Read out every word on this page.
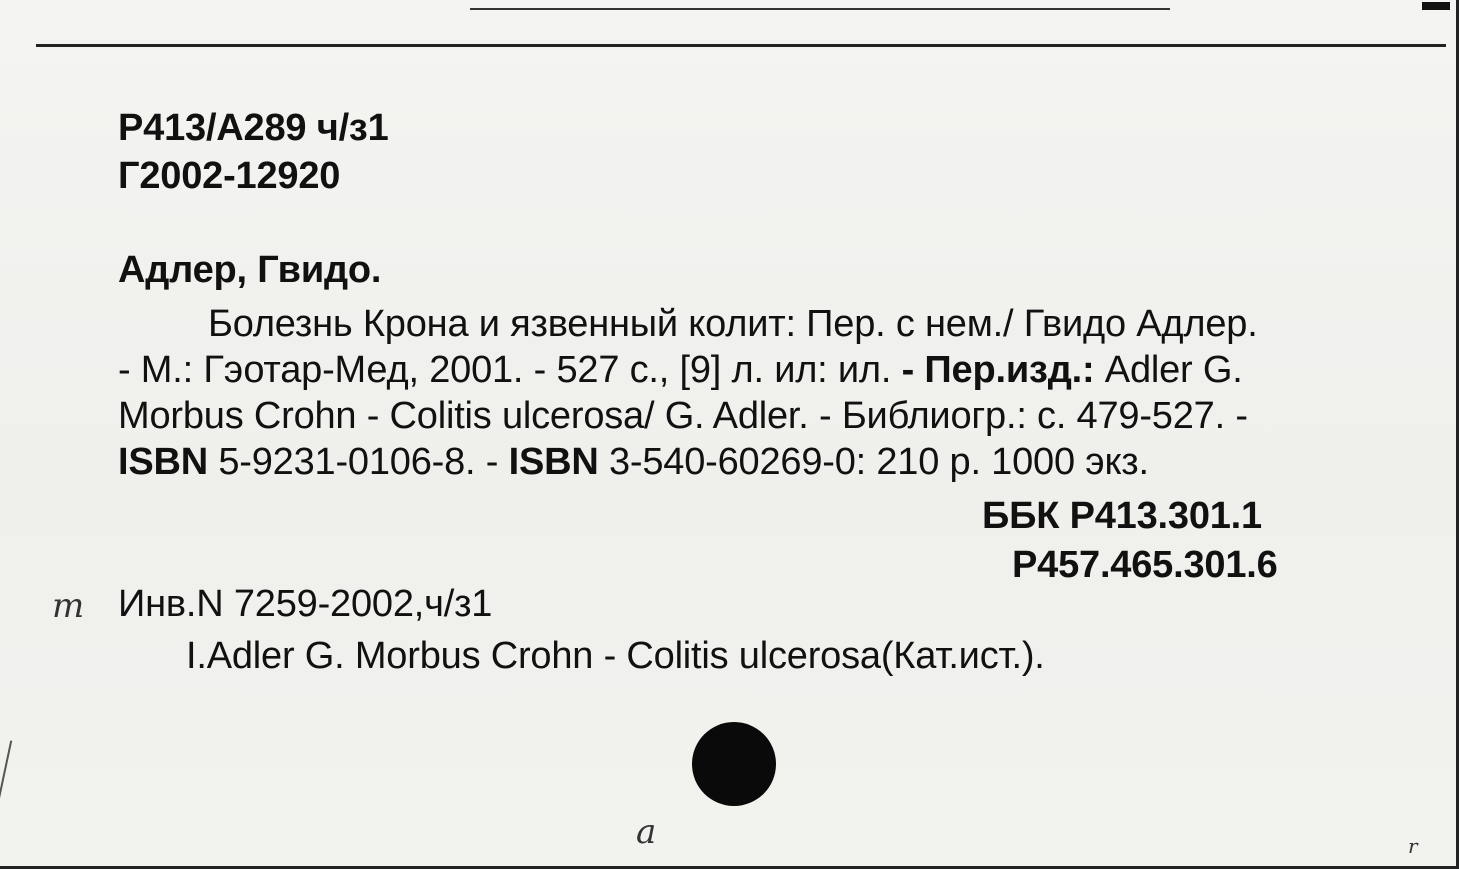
Р413/А289 ч/з1
Г2002-12920
Адлер, Гвидо.
Болезнь Крона и язвенный колит: Пер. с нем./ Гвидо Адлер.
- М.: Гэотар-Мед, 2001. - 527 с., [9] л. ил: ил. - Пер.изд.: Adler G.
Morbus Crohn - Colitis ulcerosa/ G. Adler. - Библиогр.: с. 479-527. -
ISBN 5-9231-0106-8. - ISBN 3-540-60269-0: 210 р. 1000 экз.
ББК Р413.301.1
Р457.465.301.6
m Инв.N 7259-2002,ч/з1
I.Adler G. Morbus Crohn - Colitis ulcerosa(Кат.ист.).
a	r
